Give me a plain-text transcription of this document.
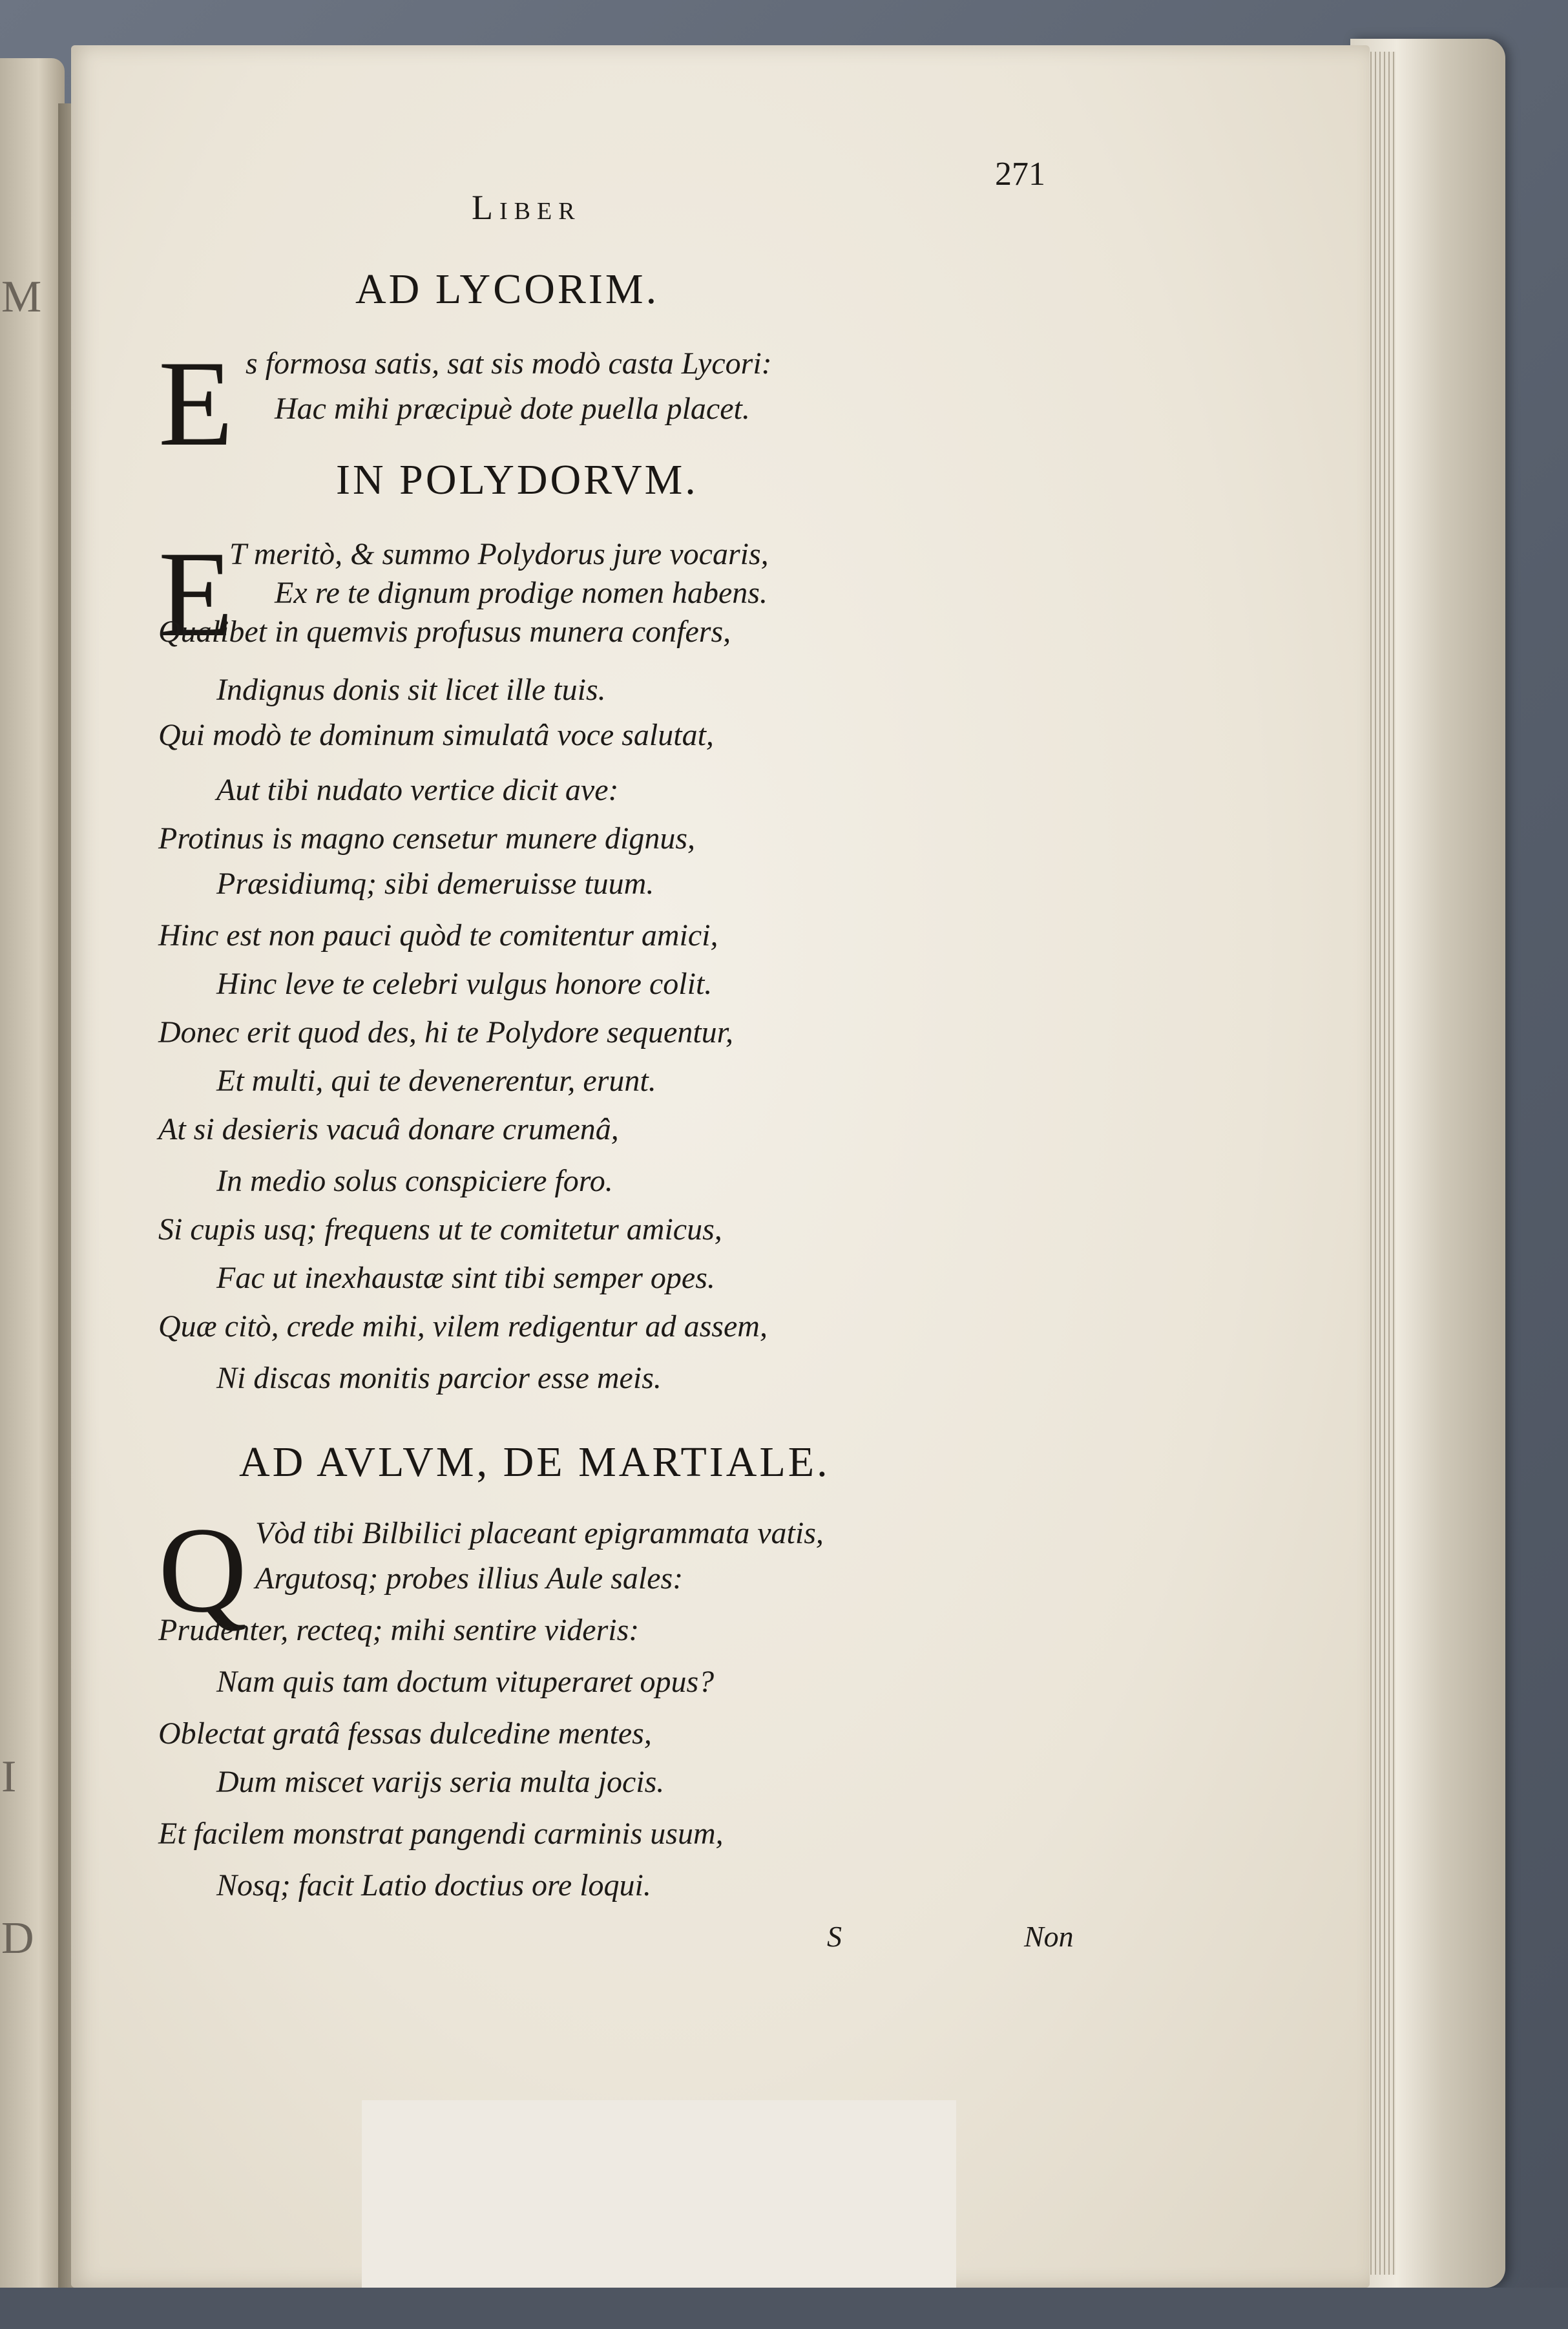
M
I
D
271
Liber
AD LYCORIM.
E s formosa satis, sat sis modò casta Lycori:
Hac mihi præcipuè dote puella placet.
IN POLYDORVM.
E
T meritò, & summo Polydorus jure vocaris,
Ex re te dignum prodige nomen habens.
Qualibet in quemvis profusus munera confers,
Indignus donis sit licet ille tuis.
Qui modò te dominum simulatâ voce salutat,
Aut tibi nudato vertice dicit ave:
Protinus is magno censetur munere dignus,
Præsidiumq; sibi demeruisse tuum.
Hinc est non pauci quòd te comitentur amici,
Hinc leve te celebri vulgus honore colit.
Donec erit quod des, hi te Polydore sequentur,
Et multi, qui te devenerentur, erunt.
At si desieris vacuâ donare crumenâ,
In medio solus conspiciere foro.
Si cupis usq; frequens ut te comitetur amicus,
Fac ut inexhaustæ sint tibi semper opes.
Quæ citò, crede mihi, vilem redigentur ad assem,
Ni discas monitis parcior esse meis.
AD AVLVM, DE MARTIALE.
Q Vòd tibi Bilbilici placeant epigrammata vatis,
Argutosq; probes illius Aule sales:
Prudenter, recteq; mihi sentire videris:
Nam quis tam doctum vituperaret opus?
Oblectat gratâ fessas dulcedine mentes,
Dum miscet varijs seria multa jocis.
Et facilem monstrat pangendi carminis usum,
Nosq; facit Latio doctius ore loqui.
S	Non
